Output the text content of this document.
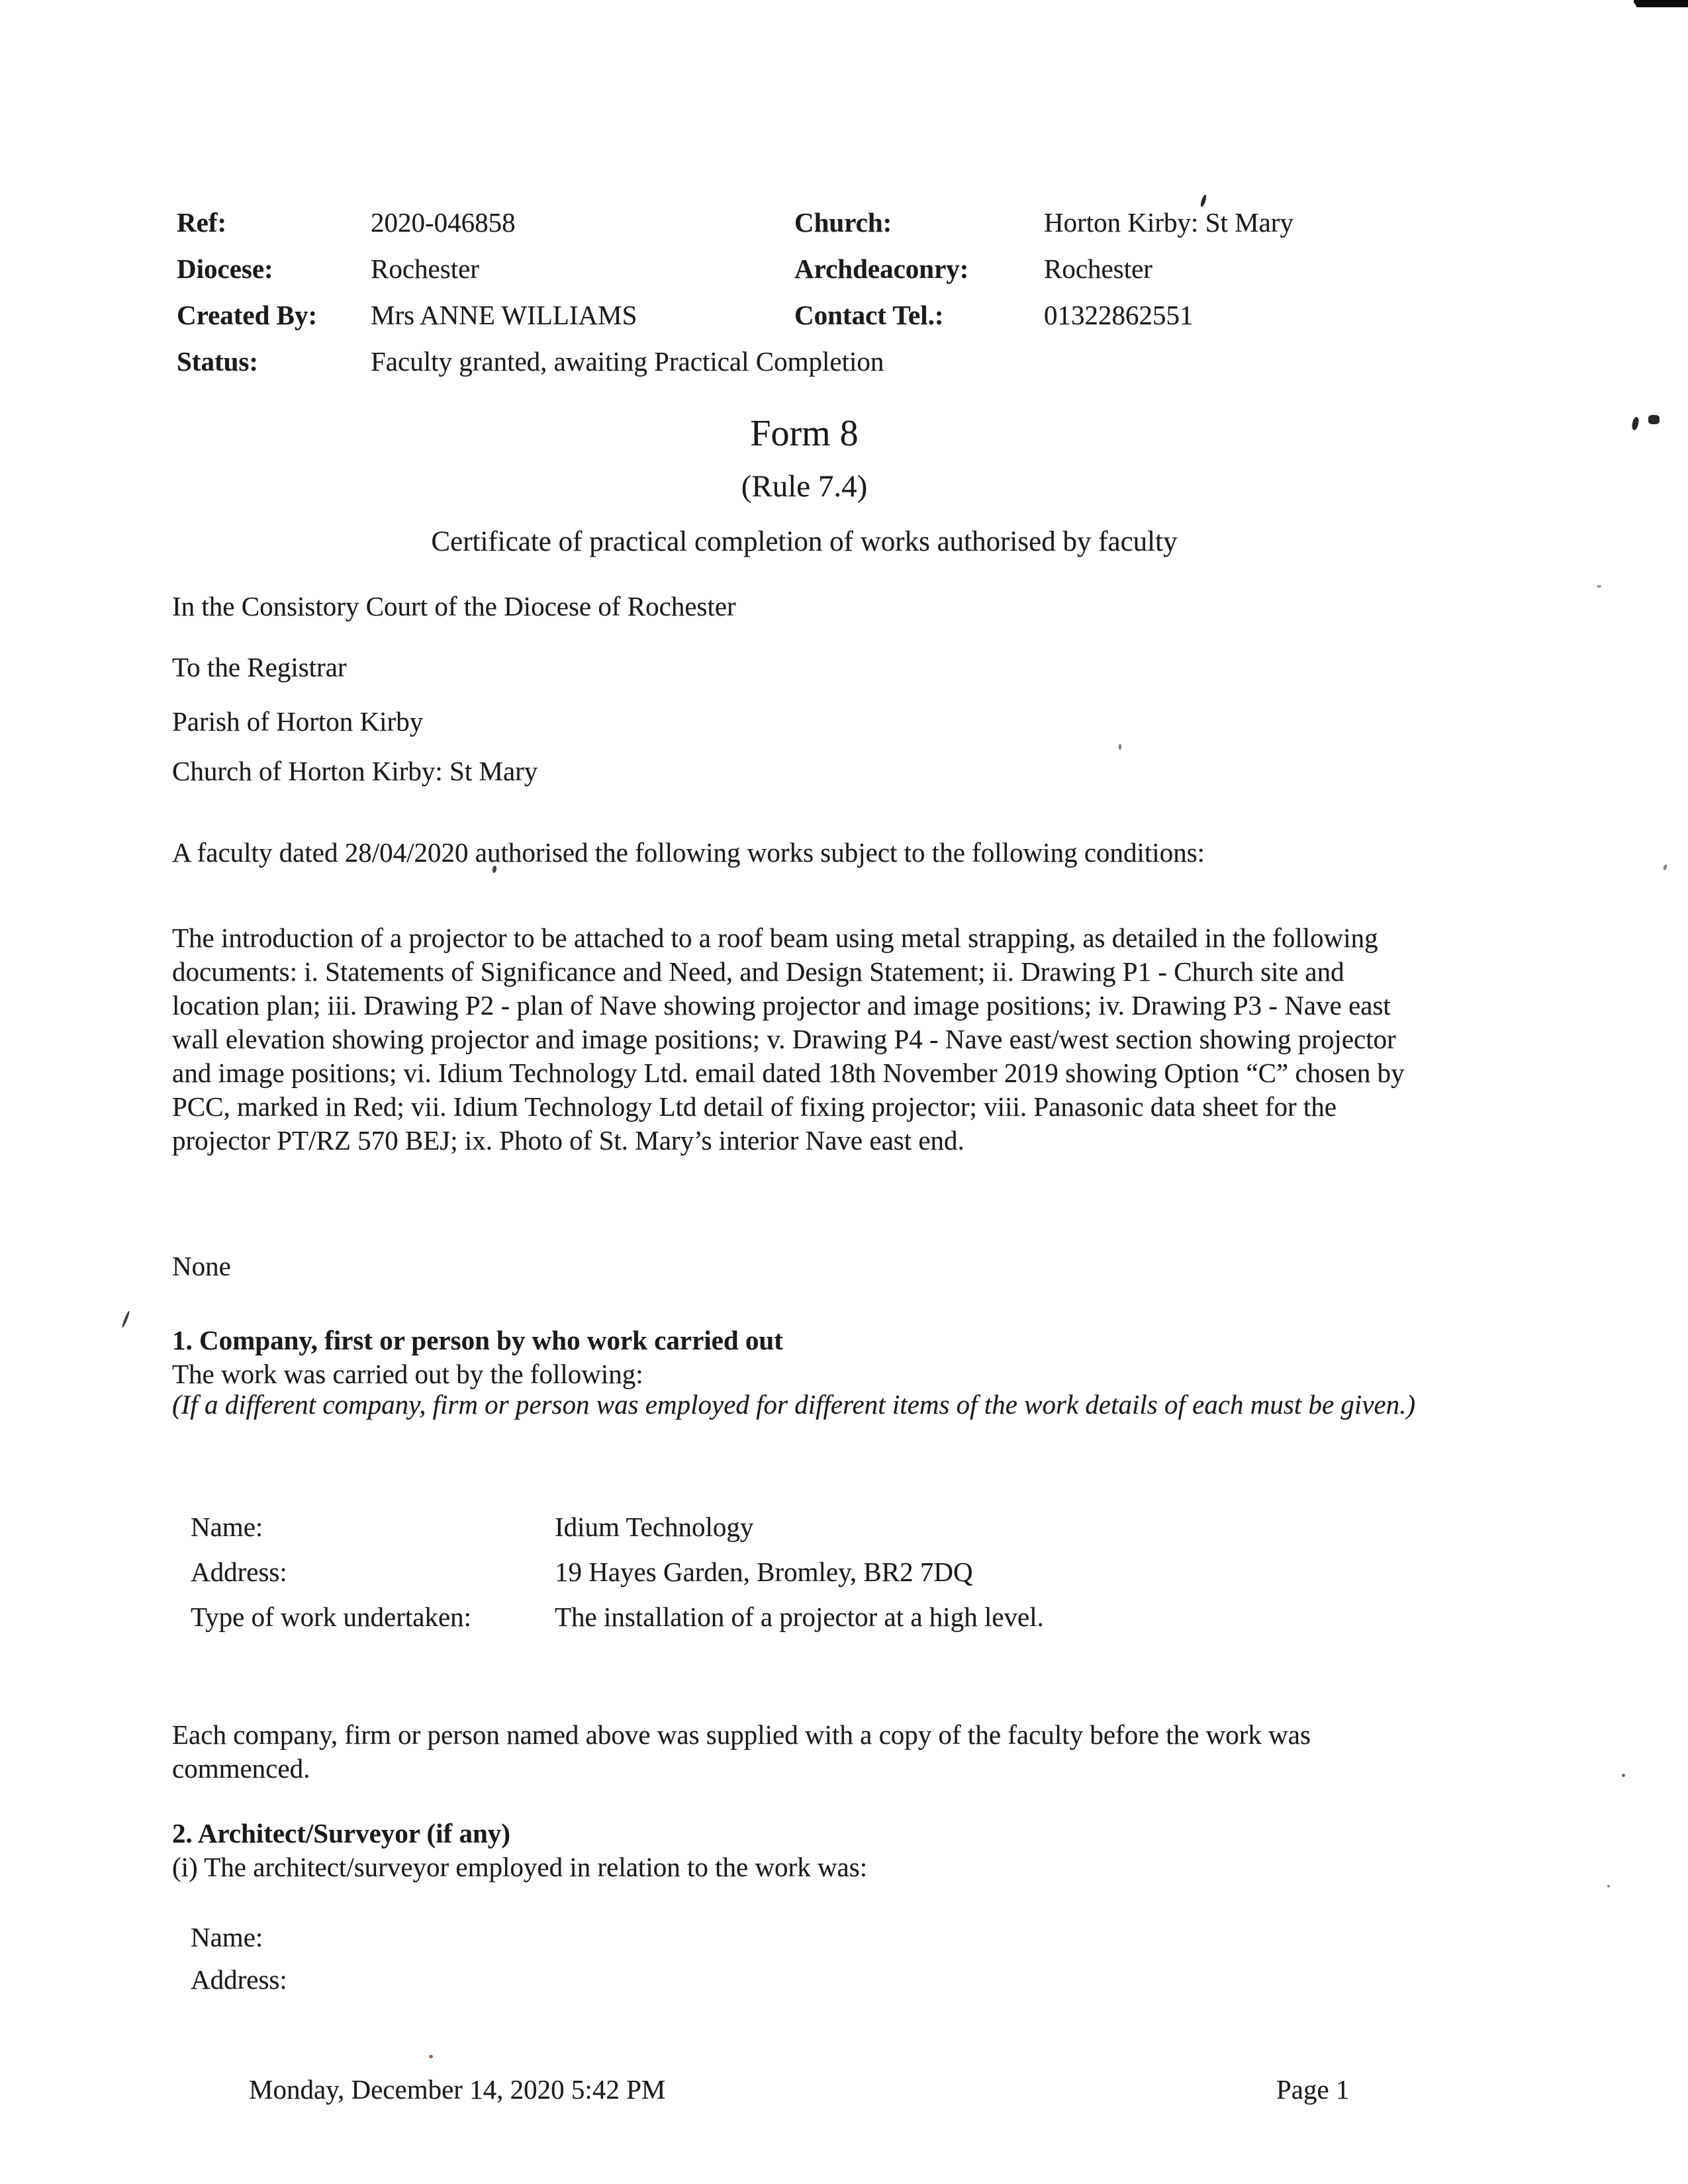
Ref:	2020-046858	Church:	Horton Kirby: St Mary
Diocese:	Rochester	Archdeaconry:	Rochester
Created By: Mrs ANNE WILLIAMS	Contact Tel.:	01322862551
Status:	Faculty granted, awaiting Practical Completion
Form 8
(Rule 7.4)
Certificate of practical completion of works authorised by faculty
In the Consistory Court of the Diocese of Rochester
To the Registrar
Parish of Horton Kirby
Church of Horton Kirby: St Mary
A faculty dated 28/04/2020 authorised the following works subject to the following conditions:
The introduction of a projector to be attached to a roof beam using metal strapping, as detailed in the following documents: i. Statements of Significance and Need, and Design Statement; ii. Drawing P1 - Church site and location plan; iii. Drawing P2 - plan of Nave showing projector and image positions; iv. Drawing P3 - Nave east wall elevation showing projector and image positions; v. Drawing P4 - Nave east/west section showing projector and image positions; vi. Idium Technology Ltd. email dated 18th November 2019 showing Option “C” chosen by PCC, marked in Red; vii. Idium Technology Ltd detail of fixing projector; viii. Panasonic data sheet for the projector PT/RZ 570 BEJ; ix. Photo of St. Mary’s interior Nave east end.
None
1. Company, first or person by who work carried out
The work was carried out by the following:
(If a different company, firm or person was employed for different items of the work details of each must be given.)
Name:	Idium Technology
Address:	19 Hayes Garden, Bromley, BR2 7DQ
Type of work undertaken:	The installation of a projector at a high level.
Each company, firm or person named above was supplied with a copy of the faculty before the work was commenced.
2. Architect/Surveyor (if any)
(i) The architect/surveyor employed in relation to the work was:
Name:
Address:
Monday, December 14, 2020 5:42 PM	Page 1
